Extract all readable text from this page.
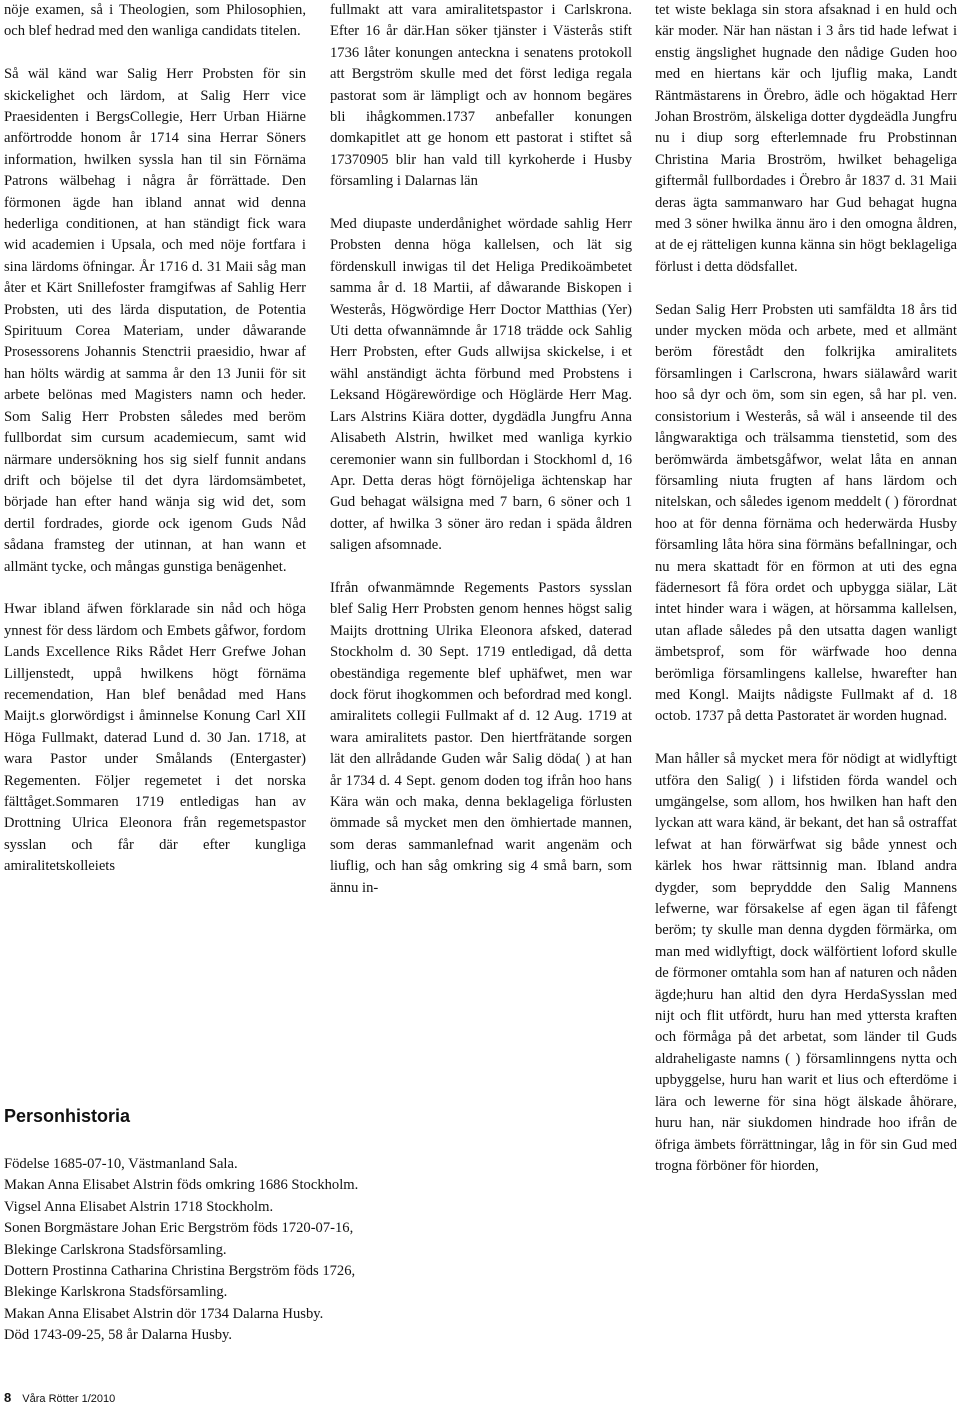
nöje examen, så i Theologien, som Philosophien, och blef hedrad med den wanliga candidats titelen.

Så wäl känd war Salig Herr Probsten för sin skickelighet och lärdom, at Salig Herr vice Praesidenten i BergsCollegie, Herr Urban Hiärne anförtrodde honom år 1714 sina Herrar Söners information, hwilken syssla han til sin Förnäma Patrons wälbehag i några år förrättade. Den förmonen ägde han ibland annat wid denna hederliga conditionen, at han ständigt fick wara wid academien i Upsala, och med nöje fortfara i sina lärdoms öfningar. År 1716 d. 31 Maii såg man åter et Kärt Snillefoster framgifwas af Sahlig Herr Probsten, uti des lärda disputation, de Potentia Spirituum Corea Materiam, under dåwarande Prosessorens Johannis Stenctrii praesidio, hwar af han hölts wärdig at samma år den 13 Junii för sit arbete belönas med Magisters namn och heder. Som Salig Herr Probsten således med beröm fullbordat sim cursum academiecum, samt wid närmare undersökning hos sig sielf funnit andans drift och böjelse til det dyra lärdomsämbetet, började han efter hand wänja sig wid det, som dertil fordrades, giorde ock igenom Guds Nåd sådana framsteg der utinnan, at han wann et allmänt tycke, och mångas gunstiga benägenhet.

Hwar ibland äfwen förklarade sin nåd och höga ynnest för dess lärdom och Embets gåfwor, fordom Lands Excellence Riks Rådet Herr Grefwe Johan Lilljenstedt, uppå hwilkens högt förnäma recemendation, Han blef benådad med Hans Maijt.s glorwördigst i åminnelse Konung Carl XII Höga Fullmakt, daterad Lund d. 30 Jan. 1718, at wara Pastor under Smålands (Entergaster) Regementen. Följer regemetet i det norska fälttåget.Sommaren 1719 entledigas han av Drottning Ulrica Eleonora från regemetspastor sysslan och får där efter kungliga amiralitetskolleiets

fullmakt att vara amiralitetspastor i Carlskrona. Efter 16 år där.Han söker tjänster i Västerås stift 1736 låter konungen anteckna i senatens protokoll att Bergström skulle med det först lediga regala pastorat som är lämpligt och av honnom begäres bli ihågkommen.1737 anbefaller konungen domkapitlet att ge honom ett pastorat i stiftet så 17370905 blir han vald till kyrkoherde i Husby församling i Dalarnas län

Med diupaste underdånighet wördade sahlig Herr Probsten denna höga kallelsen, och lät sig fördenskull inwigas til det Heliga Predikoämbetet samma år d. 18 Martii, af dåwarande Biskopen i Westerås, Högwördige Herr Doctor Matthias (Yer) Uti detta ofwannämnde år 1718 trädde ock Sahlig Herr Probsten, efter Guds allwijsa skickelse, i et wähl anständigt ächta förbund med Probstens i Leksand Högärewördige och Höglärde Herr Mag. Lars Alstrins Kiära dotter, dygdädla Jungfru Anna Alisabeth Alstrin, hwilket med wanliga kyrkio ceremonier wann sin fullbordan i Stockhoml d, 16 Apr. Detta deras högt förnöjeliga ächtenskap har Gud behagat wälsigna med 7 barn, 6 söner och 1 dotter, af hwilka 3 söner äro redan i späda åldren saligen afsomnade.

Ifrån ofwanmämnde Regements Pastors sysslan blef Salig Herr Probsten genom hennes högst salig Maijts drottning Ulrika Eleonora afsked, daterad Stockholm d. 30 Sept. 1719 entledigad, då detta obeständiga regemente blef uphäfwet, men war dock förut ihogkommen och befordrad med kongl. amiralitets collegii Fullmakt af d. 12 Aug. 1719 at wara amiralitets pastor. Den hiertfrätande sorgen lät den allrådande Guden wår Salig döda( ) at han år 1734 d. 4 Sept. genom doden tog ifrån hoo hans Kära wän och maka, denna beklageliga förlusten ömmade så mycket men den ömhiertade mannen, som deras sammanlefnad warit angenäm och liuflig, och han såg omkring sig 4 små barn, som ännu in-

tet wiste beklaga sin stora afsaknad i en huld och kär moder. När han nästan i 3 års tid hade lefwat i enstig ängslighet hugnade den nådige Guden hoo med en hiertans kär och ljuflig maka, Landt Räntmästarens in Örebro, ädle och högaktad Herr Johan Broström, älskeliga dotter dygdeädla Jungfru nu i diup sorg efterlemnade fru Probstinnan Christina Maria Broström, hwilket behageliga giftermål fullbordades i Örebro år 1837 d. 31 Maii deras ägta sammanwaro har Gud behagat hugna med 3 söner hwilka ännu äro i den omogna åldren, at de ej rätteligen kunna känna sin högt beklageliga förlust i detta dödsfallet.

Sedan Salig Herr Probsten uti samfäldta 18 års tid under mycken möda och arbete, med et allmänt beröm förestådt den folkrijka amiralitets församlingen i Carlscrona, hwars siälawård warit hoo så dyr och öm, som sin egen, så har pl. ven. consistorium i Westerås, så wäl i anseende til des långwaraktiga och trälsamma tienstetid, som des berömwärda ämbetsgåfwor, welat låta en annan församling niuta frugten af hans lärdom och nitelskan, och således igenom meddelt ( ) förordnat hoo at för denna förnäma och hederwärda Husby församling låta höra sina förmäns befallningar, och nu mera skattadt för en förmon at uti des egna fädernesort få föra ordet och upbygga siälar, Lät intet hinder wara i wägen, at hörsamma kallelsen, utan aflade således på den utsatta dagen wanligt ämbetsprof, som för wärfwade hoo denna berömliga församlingens kallelse, hwarefter han med Kongl. Maijts nådigste Fullmakt af d. 18 octob. 1737 på detta Pastoratet är worden hugnad.

Man håller så mycket mera för nödigt at widlyftigt utföra den Salig( ) i lifstiden förda wandel och umgängelse, som allom, hos hwilken han haft den lyckan att wara känd, är bekant, det han så ostraffat lefwat at han förwärfwat sig både ynnest och kärlek hos hwar rättsinnig man. Ibland andra dygder, som bepryddde den Salig Mannens lefwerne, war försakelse af egen ägan til fåfengt beröm; ty skulle man denna dygden förmärka, om man med widlyftigt, dock wälförtient loford skulle de förmoner omtahla som han af naturen och nåden ägde;huru han altid den dyra HerdaSysslan med nijt och flit utfördt, huru han med yttersta kraften och förmåga på det arbetat, som länder til Guds aldraheligaste namns ( ) församlinngens nytta och upbyggelse, huru han warit et lius och efterdöme i lära och lewerne för sina högt älskade åhörare, huru han, när siukdomen hindrade hoo ifrån de öfriga ämbets förrättningar, låg in för sin Gud med trogna förböner för hiorden,

Personhistoria
Födelse 1685-07-10, Västmanland Sala.
Makan Anna Elisabet Alstrin föds omkring 1686 Stockholm.
Vigsel Anna Elisabet Alstrin 1718 Stockholm.
Sonen Borgmästare Johan Eric Bergström föds 1720-07-16,
Blekinge Carlskrona Stadsförsamling.
Dottern Prostinna Catharina Christina Bergström föds 1726,
Blekinge Karlskrona Stadsförsamling.
Makan Anna Elisabet Alstrin dör 1734 Dalarna Husby.
Död 1743-09-25, 58 år Dalarna Husby.
8 Våra Rötter 1/2010
